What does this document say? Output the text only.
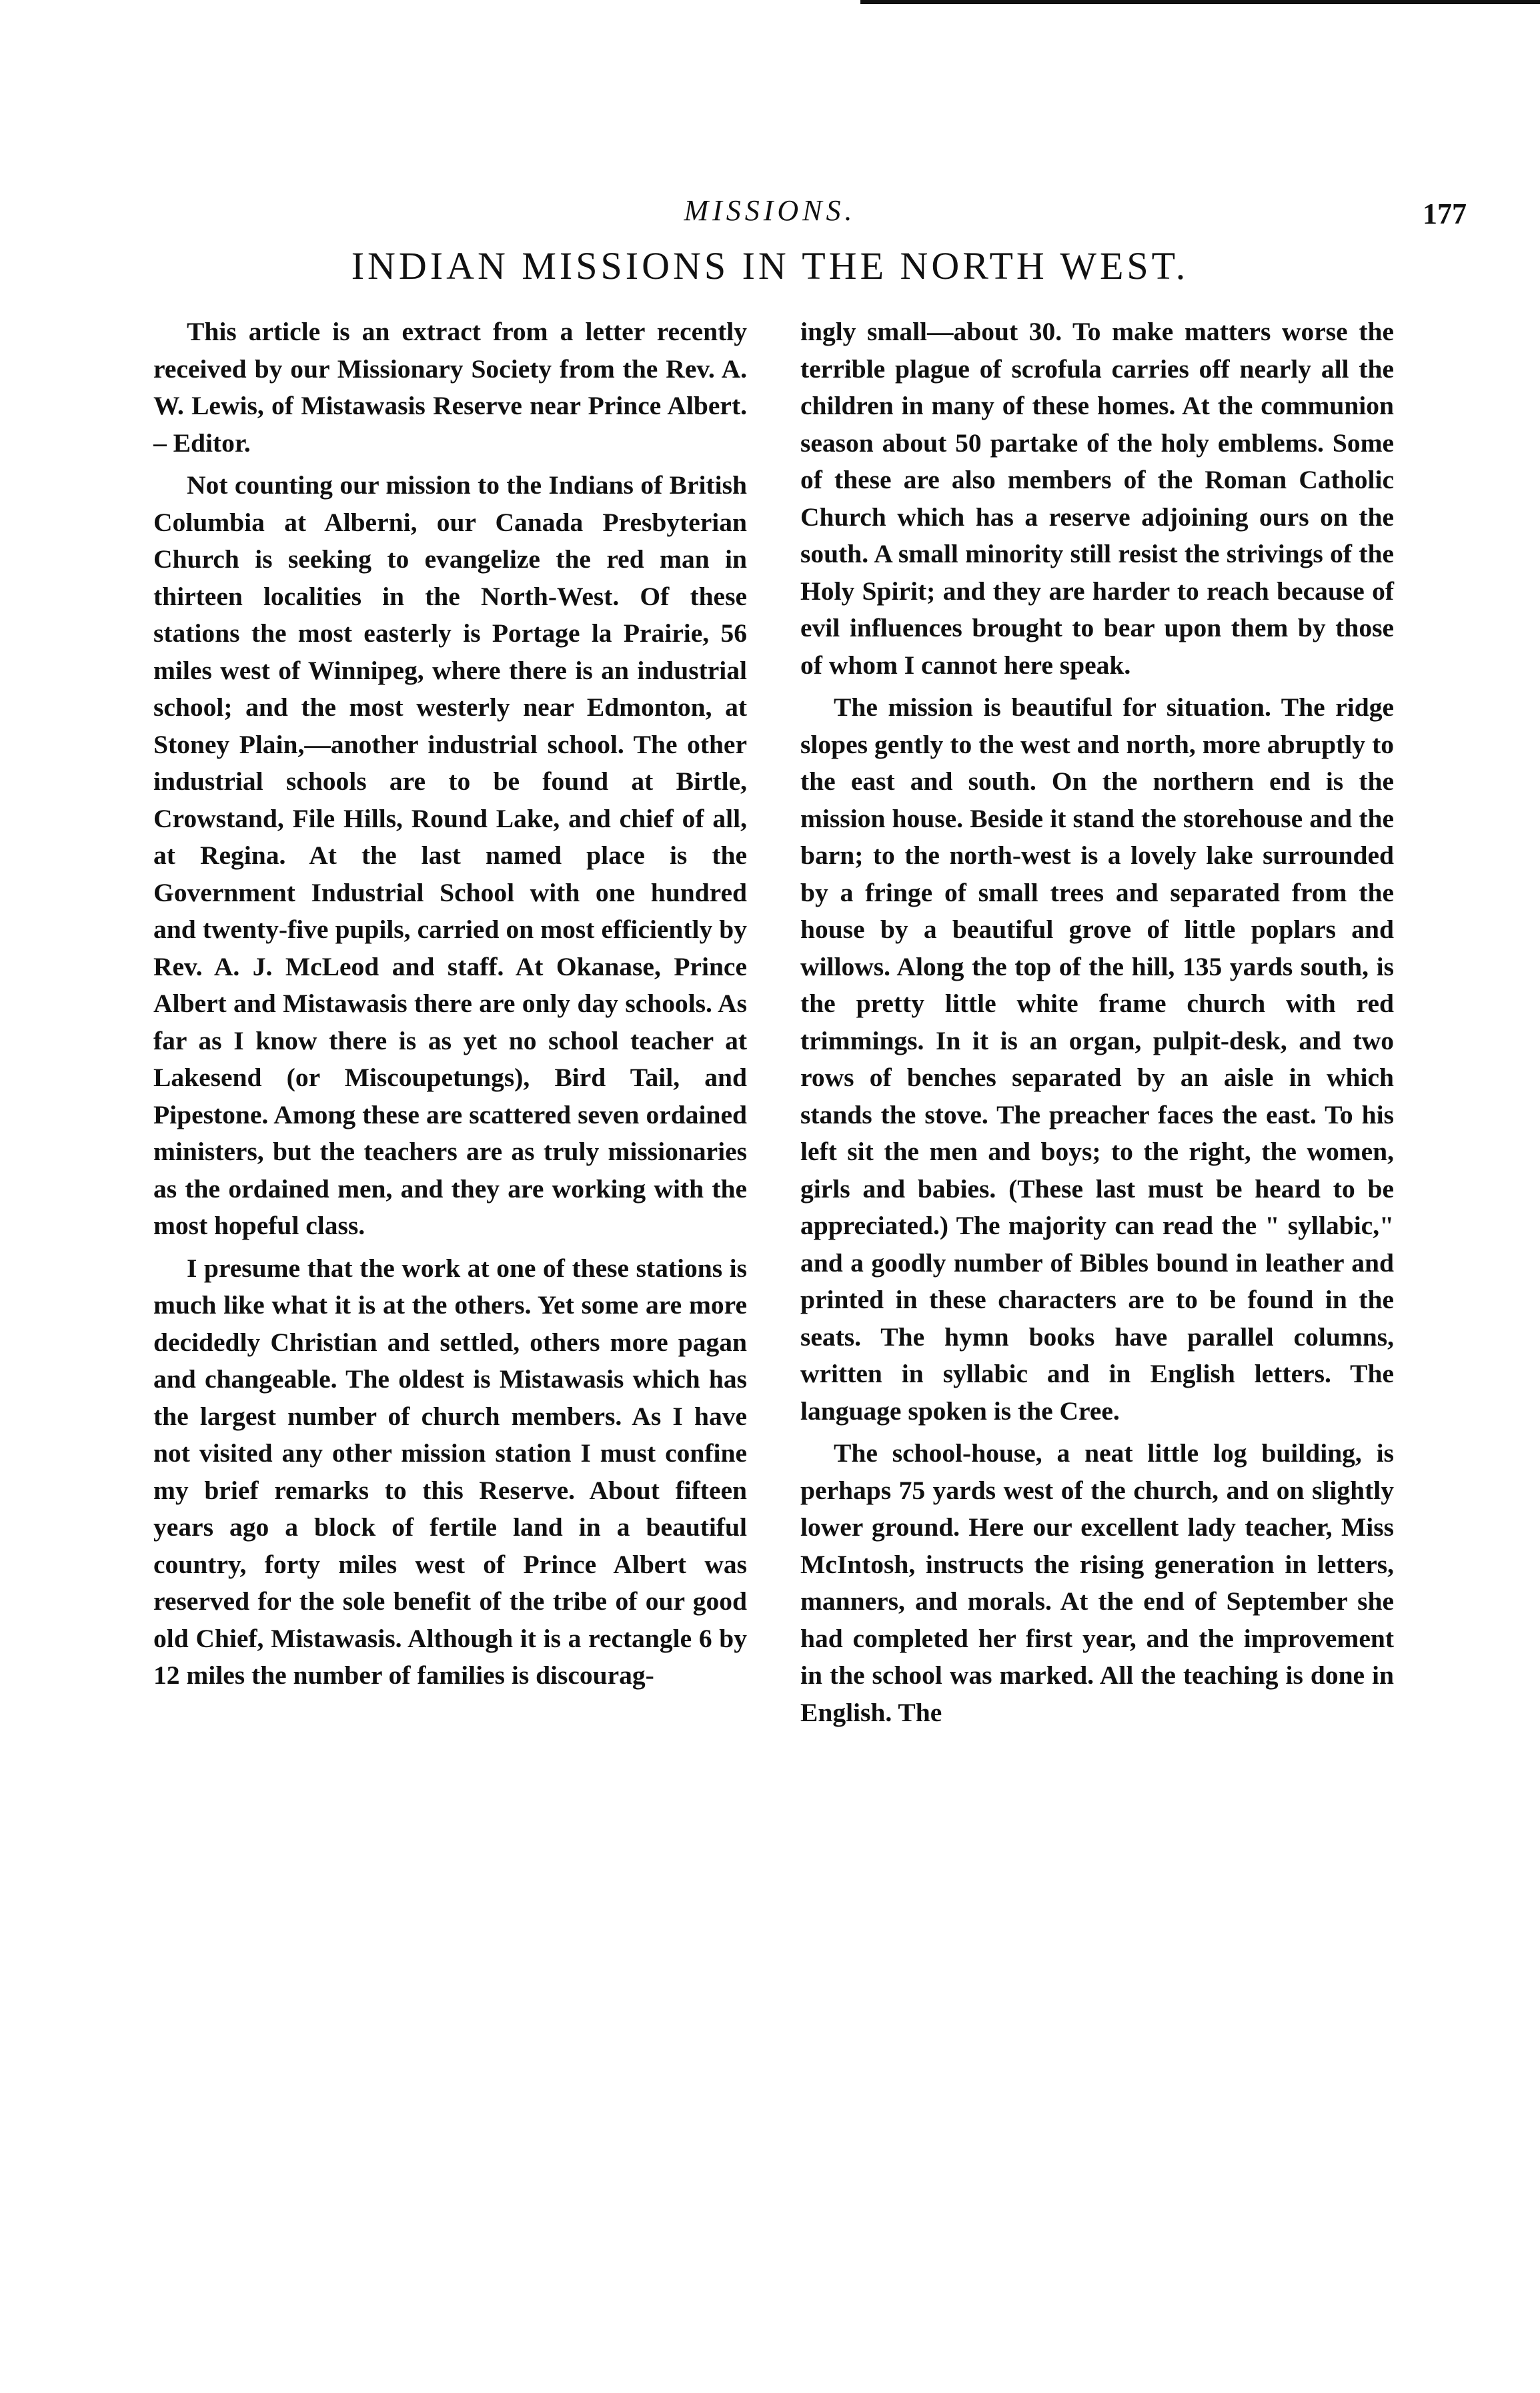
MISSIONS.	177
INDIAN MISSIONS IN THE NORTH WEST.

This article is an extract from a letter recently received by our Missionary Society from the Rev. A. W. Lewis, of Mistawasis Reserve near Prince Albert. – Editor.

Not counting our mission to the Indians of British Columbia at Alberni, our Canada Presbyterian Church is seeking to evangelize the red man in thirteen localities in the North-West. Of these stations the most easterly is Portage la Prairie, 56 miles west of Winnipeg, where there is an industrial school; and the most westerly near Edmonton, at Stoney Plain,—another industrial school. The other industrial schools are to be found at Birtle, Crowstand, File Hills, Round Lake, and chief of all, at Regina. At the last named place is the Government Industrial School with one hundred and twenty-five pupils, carried on most efficiently by Rev. A. J. McLeod and staff. At Okanase, Prince Albert and Mistawasis there are only day schools. As far as I know there is as yet no school teacher at Lakesend (or Miscoupetungs), Bird Tail, and Pipestone. Among these are scattered seven ordained ministers, but the teachers are as truly missionaries as the ordained men, and they are working with the most hopeful class.

I presume that the work at one of these stations is much like what it is at the others. Yet some are more decidedly Christian and settled, others more pagan and changeable. The oldest is Mistawasis which has the largest number of church members. As I have not visited any other mission station I must confine my brief remarks to this Reserve. About fifteen years ago a block of fertile land in a beautiful country, forty miles west of Prince Albert was reserved for the sole benefit of the tribe of our good old Chief, Mistawasis. Although it is a rectangle 6 by 12 miles the number of families is discourag-

ingly small—about 30. To make matters worse the terrible plague of scrofula carries off nearly all the children in many of these homes. At the communion season about 50 partake of the holy emblems. Some of these are also members of the Roman Catholic Church which has a reserve adjoining ours on the south. A small minority still resist the strivings of the Holy Spirit; and they are harder to reach because of evil influences brought to bear upon them by those of whom I cannot here speak.

The mission is beautiful for situation. The ridge slopes gently to the west and north, more abruptly to the east and south. On the northern end is the mission house. Beside it stand the storehouse and the barn; to the north-west is a lovely lake surrounded by a fringe of small trees and separated from the house by a beautiful grove of little poplars and willows. Along the top of the hill, 135 yards south, is the pretty little white frame church with red trimmings. In it is an organ, pulpit-desk, and two rows of benches separated by an aisle in which stands the stove. The preacher faces the east. To his left sit the men and boys; to the right, the women, girls and babies. (These last must be heard to be appreciated.) The majority can read the " syllabic," and a goodly number of Bibles bound in leather and printed in these characters are to be found in the seats. The hymn books have parallel columns, written in syllabic and in English letters. The language spoken is the Cree.

The school-house, a neat little log building, is perhaps 75 yards west of the church, and on slightly lower ground. Here our excellent lady teacher, Miss McIntosh, instructs the rising generation in letters, manners, and morals. At the end of September she had completed her first year, and the improvement in the school was marked. All the teaching is done in English. The
